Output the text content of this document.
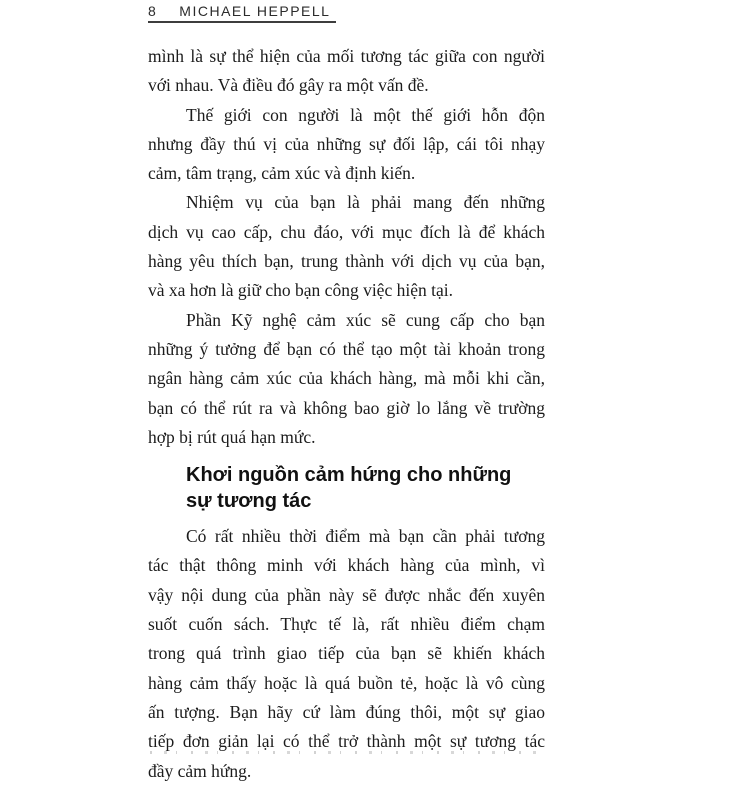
8 MICHAEL HEPPELL
mình là sự thể hiện của mối tương tác giữa con người
với nhau. Và điều đó gây ra một vấn đề.
Thế giới con người là một thế giới hỗn độn
nhưng đầy thú vị của những sự đối lập, cái tôi nhạy
cảm, tâm trạng, cảm xúc và định kiến.
Nhiệm vụ của bạn là phải mang đến những
dịch vụ cao cấp, chu đáo, với mục đích là để khách
hàng yêu thích bạn, trung thành với dịch vụ của bạn,
và xa hơn là giữ cho bạn công việc hiện tại.
Phần Kỹ nghệ cảm xúc sẽ cung cấp cho bạn
những ý tưởng để bạn có thể tạo một tài khoản trong
ngân hàng cảm xúc của khách hàng, mà mỗi khi cần,
bạn có thể rút ra và không bao giờ lo lắng về trường
hợp bị rút quá hạn mức.
Khơi nguồn cảm hứng cho những
sự tương tác
Có rất nhiều thời điểm mà bạn cần phải tương
tác thật thông minh với khách hàng của mình, vì
vậy nội dung của phần này sẽ được nhắc đến xuyên
suốt cuốn sách. Thực tế là, rất nhiều điểm chạm
trong quá trình giao tiếp của bạn sẽ khiến khách
hàng cảm thấy hoặc là quá buồn tẻ, hoặc là vô cùng
ấn tượng. Bạn hãy cứ làm đúng thôi, một sự giao
tiếp đơn giản lại có thể trở thành một sự tương tác
đầy cảm hứng.
